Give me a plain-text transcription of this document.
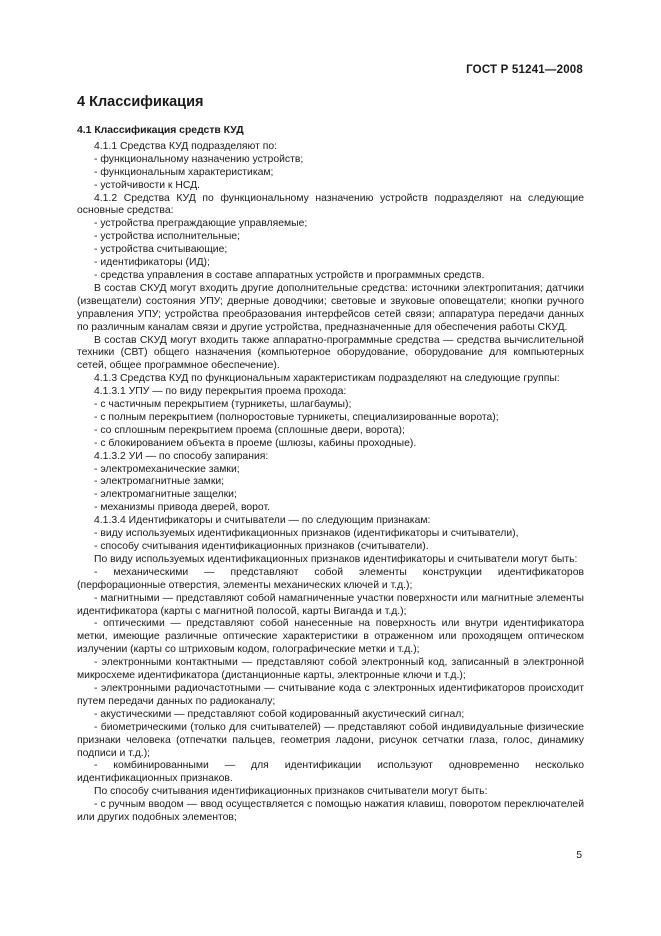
ГОСТ Р 51241—2008
4 Классификация

4.1 Классификация средств КУД

4.1.1 Средства КУД подразделяют по:

- функциональному назначению устройств;

- функциональным характеристикам;

- устойчивости к НСД.

4.1.2 Средства КУД по функциональному назначению устройств подразделяют на следующие основные средства:

- устройства преграждающие управляемые;

- устройства исполнительные;

- устройства считывающие;

- идентификаторы (ИД);

- средства управления в составе аппаратных устройств и программных средств.

В состав СКУД могут входить другие дополнительные средства: источники электропитания; датчики (извещатели) состояния УПУ; дверные доводчики; световые и звуковые оповещатели; кнопки ручного управления УПУ; устройства преобразования интерфейсов сетей связи; аппаратура передачи данных по различным каналам связи и другие устройства, предназначенные для обеспечения работы СКУД.

В состав СКУД могут входить также аппаратно-программные средства — средства вычислительной техники (СВТ) общего назначения (компьютерное оборудование, оборудование для компьютерных сетей, общее программное обеспечение).

4.1.3 Средства КУД по функциональным характеристикам подразделяют на следующие группы:

4.1.3.1 УПУ — по виду перекрытия проема прохода:

- с частичным перекрытием (турникеты, шлагбаумы);

- с полным перекрытием (полноростовые турникеты, специализированные ворота);

- со сплошным перекрытием проема (сплошные двери, ворота);

- с блокированием объекта в проеме (шлюзы, кабины проходные).

4.1.3.2 УИ — по способу запирания:

- электромеханические замки;

- электромагнитные замки;

- электромагнитные защелки;

- механизмы привода дверей, ворот.

4.1.3.4 Идентификаторы и считыватели — по следующим признакам:

- виду используемых идентификационных признаков (идентификаторы и считыватели),

- способу считывания идентификационных признаков (считыватели).

По виду используемых идентификационных признаков идентификаторы и считыватели могут быть:

- механическими — представляют собой элементы конструкции идентификаторов (перфорационные отверстия, элементы механических ключей и т.д.);

- магнитными — представляют собой намагниченные участки поверхности или магнитные элементы идентификатора (карты с магнитной полосой, карты Виганда и т.д.);

- оптическими — представляют собой нанесенные на поверхность или внутри идентификатора метки, имеющие различные оптические характеристики в отраженном или проходящем оптическом излучении (карты со штриховым кодом, голографические метки и т.д.);

- электронными контактными — представляют собой электронный код, записанный в электронной микросхеме идентификатора (дистанционные карты, электронные ключи и т.д.);

- электронными радиочастотными — считывание кода с электронных идентификаторов происходит путем передачи данных по радиоканалу;

- акустическими — представляют собой кодированный акустический сигнал;

- биометрическими (только для считывателей) — представляют собой индивидуальные физические признаки человека (отпечатки пальцев, геометрия ладони, рисунок сетчатки глаза, голос, динамику подписи и т.д.);

- комбинированными — для идентификации используют одновременно несколько идентификационных признаков.

По способу считывания идентификационных признаков считыватели могут быть:

- с ручным вводом — ввод осуществляется с помощью нажатия клавиш, поворотом переключателей или других подобных элементов;

5
